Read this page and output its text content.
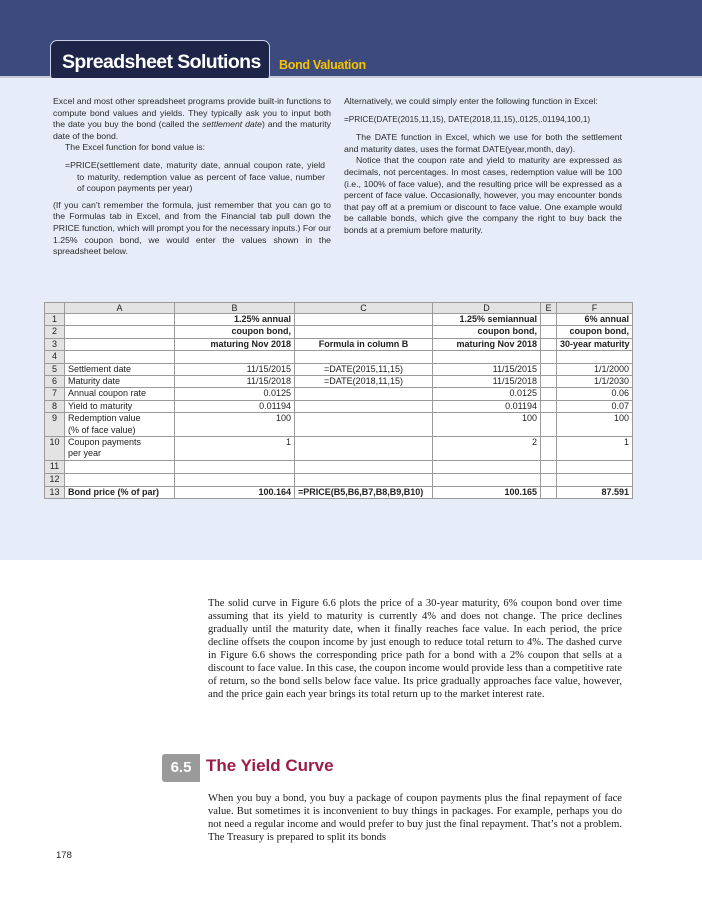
Spreadsheet Solutions Bond Valuation

Excel and most other spreadsheet programs provide built-in functions to compute bond values and yields. They typically ask you to input both the date you buy the bond (called the settlement date) and the maturity date of the bond.

The Excel function for bond value is:

=PRICE(settlement date, maturity date, annual coupon rate, yield to maturity, redemption value as percent of face value, number of coupon payments per year)

(If you can’t remember the formula, just remember that you can go to the Formulas tab in Excel, and from the Financial tab pull down the PRICE function, which will prompt you for the necessary inputs.) For our 1.25% coupon bond, we would enter the values shown in the spreadsheet below.

Alternatively, we could simply enter the following function in Excel:

=PRICE(DATE(2015,11,15), DATE(2018,11,15),.0125,.01194,100,1)

The DATE function in Excel, which we use for both the settlement and maturity dates, uses the format DATE(year,month, day).

Notice that the coupon rate and yield to maturity are expressed as decimals, not percentages. In most cases, redemption value will be 100 (i.e., 100% of face value), and the resulting price will be expressed as a percent of face value. Occasionally, however, you may encounter bonds that pay off at a premium or discount to face value. One example would be callable bonds, which give the company the right to buy back the bonds at a premium before maturity.

	A	B	C	D	E	F
1		1.25% annual		1.25% semiannual		6% annual
2		coupon bond,		coupon bond,		coupon bond,
3		maturing Nov 2018	Formula in column B	maturing Nov 2018		30-year maturity
4						
5	Settlement date	11/15/2015	=DATE(2015,11,15)	11/15/2015		1/1/2000
6	Maturity date	11/15/2018	=DATE(2018,11,15)	11/15/2018		1/1/2030
7	Annual coupon rate	0.0125		0.0125		0.06
8	Yield to maturity	0.01194		0.01194		0.07
9	Redemption value
(% of face value)	100		100		100
10	Coupon payments
per year	1		2		1
11						
12						
13	Bond price (% of par)	100.164	=PRICE(B5,B6,B7,B8,B9,B10)	100.165		87.591

The solid curve in Figure 6.6 plots the price of a 30-year maturity, 6% coupon bond over time assuming that its yield to maturity is currently 4% and does not change. The price declines gradually until the maturity date, when it finally reaches face value. In each period, the price decline offsets the coupon income by just enough to reduce total return to 4%. The dashed curve in Figure 6.6 shows the corresponding price path for a bond with a 2% coupon that sells at a discount to face value. In this case, the coupon income would provide less than a competitive rate of return, so the bond sells below face value. Its price gradually approaches face value, however, and the price gain each year brings its total return up to the market interest rate.

6.5 The Yield Curve

When you buy a bond, you buy a package of coupon payments plus the final repayment of face value. But sometimes it is inconvenient to buy things in packages. For example, perhaps you do not need a regular income and would prefer to buy just the final repayment. That’s not a problem. The Treasury is prepared to split its bonds

178
